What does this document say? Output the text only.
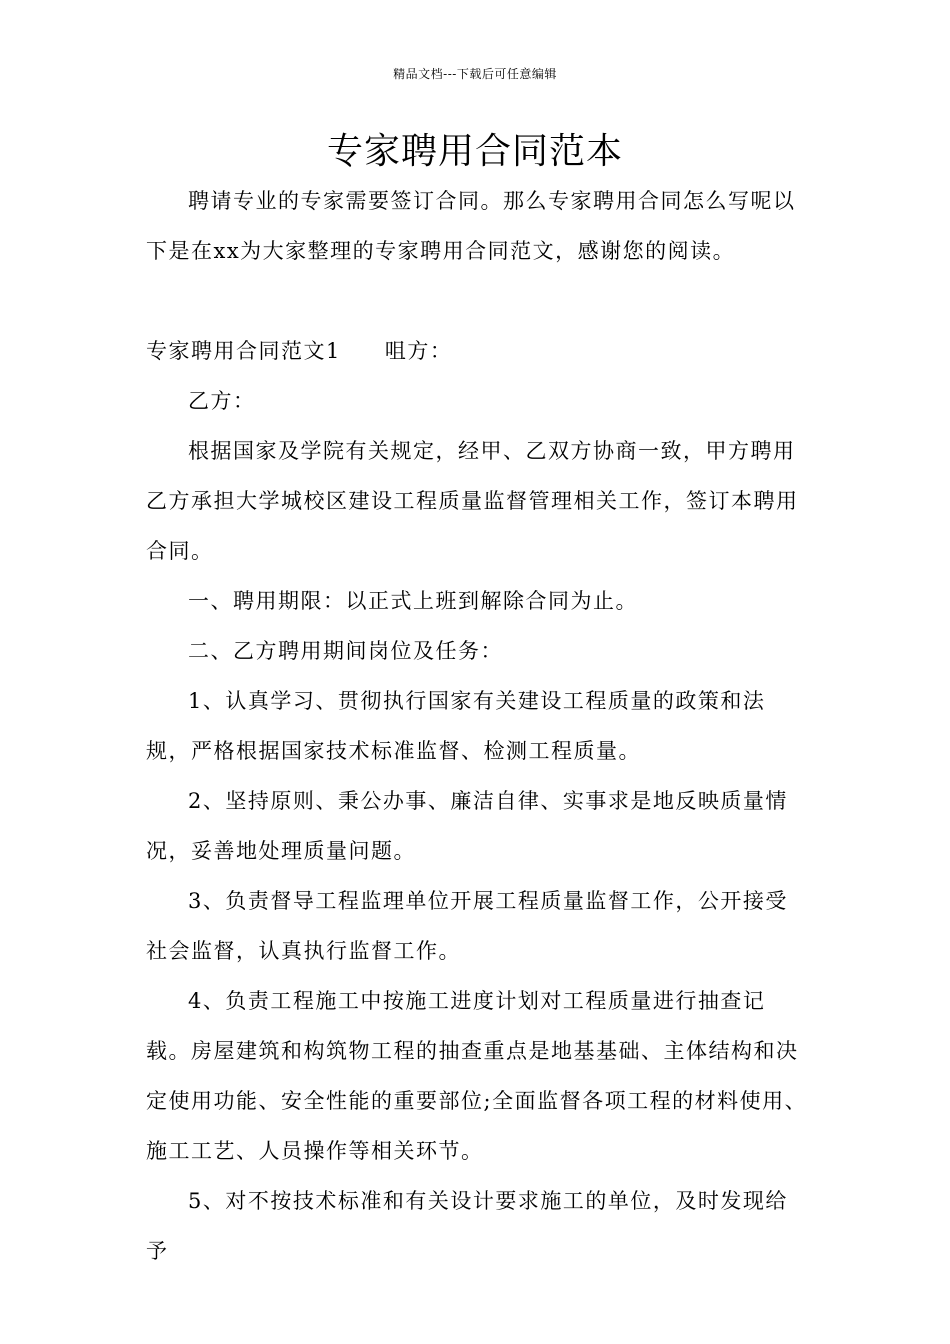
精品文档---下载后可任意编辑
专家聘用合同范本

聘请专业的专家需要签订合同。那么专家聘用合同怎么写呢以下是在xx为大家整理的专家聘用合同范文，感谢您的阅读。

专家聘用合同范文1 咀方：

乙方：

根据国家及学院有关规定，经甲、乙双方协商一致，甲方聘用乙方承担大学城校区建设工程质量监督管理相关工作，签订本聘用合同。

一、聘用期限：以正式上班到解除合同为止。

二、乙方聘用期间岗位及任务：

1、认真学习、贯彻执行国家有关建设工程质量的政策和法规，严格根据国家技术标准监督、检测工程质量。

2、坚持原则、秉公办事、廉洁自律、实事求是地反映质量情况，妥善地处理质量问题。

3、负责督导工程监理单位开展工程质量监督工作，公开接受社会监督，认真执行监督工作。

4、负责工程施工中按施工进度计划对工程质量进行抽查记载。房屋建筑和构筑物工程的抽查重点是地基基础、主体结构和决定使用功能、安全性能的重要部位;全面监督各项工程的材料使用、施工工艺、人员操作等相关环节。

5、对不按技术标准和有关设计要求施工的单位，及时发现给予
